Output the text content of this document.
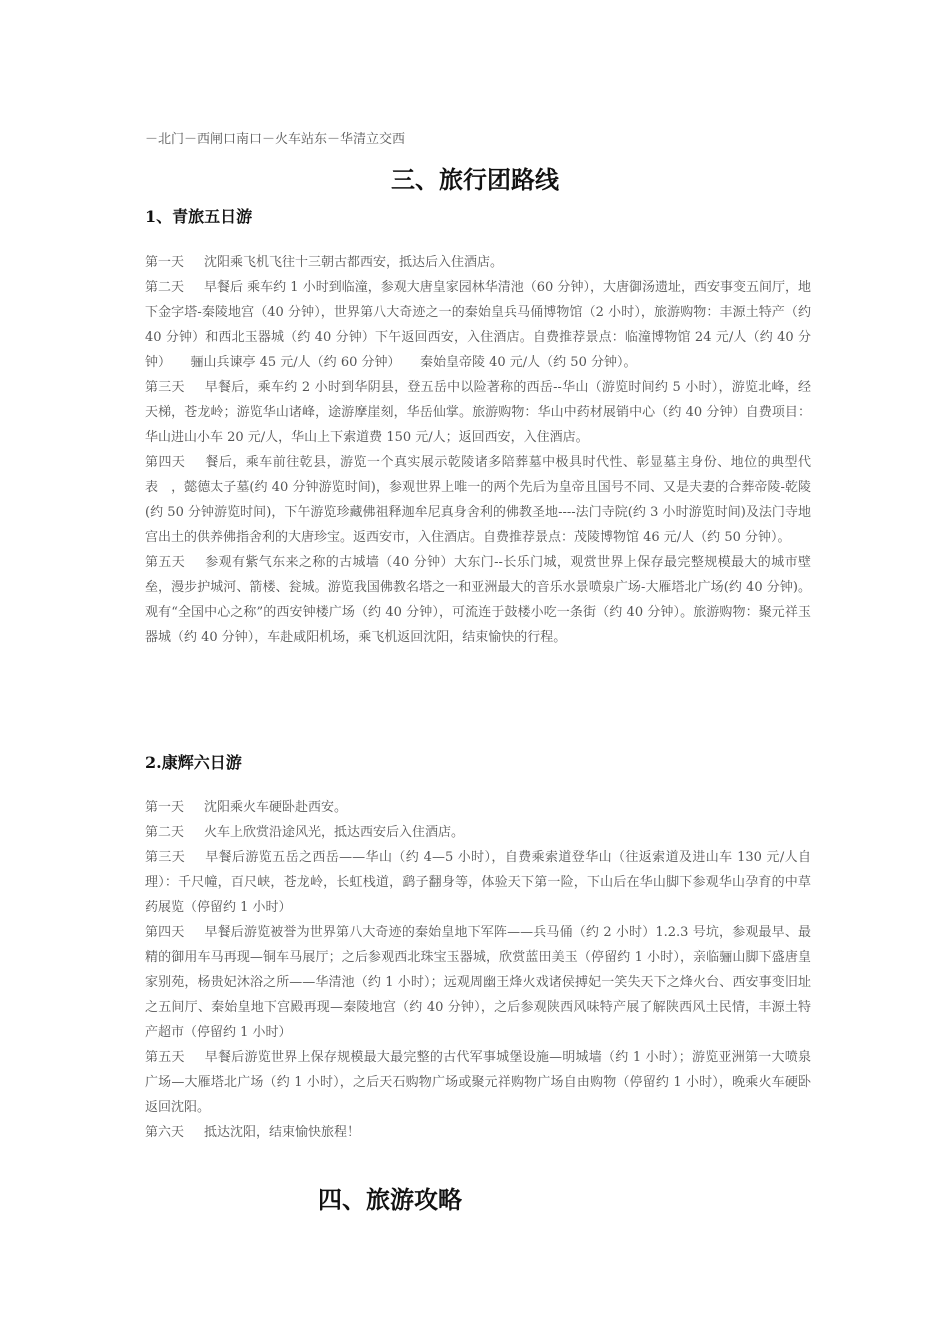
－北门－西闸口南口－火车站东－华清立交西
三、旅行团路线
1、青旅五日游

第一天 沈阳乘飞机飞往十三朝古都西安，抵达后入住酒店。

第二天 早餐后 乘车约 1 小时到临潼，参观大唐皇家园林华清池（60 分钟），大唐御汤遗址，西安事变五间厅，地下金字塔-秦陵地宫（40 分钟），世界第八大奇迹之一的秦始皇兵马俑博物馆（2 小时），旅游购物：丰源土特产（约 40 分钟）和西北玉器城（约 40 分钟）下午返回西安，入住酒店。自费推荐景点：临潼博物馆 24 元/人（约 40 分钟）　　骊山兵谏亭 45 元/人（约 60 分钟）　　秦始皇帝陵 40 元/人（约 50 分钟）。

第三天 早餐后，乘车约 2 小时到华阴县，登五岳中以险著称的西岳--华山（游览时间约 5 小时），游览北峰，经天梯，苍龙岭；游览华山诸峰，途游摩崖刻，华岳仙掌。旅游购物：华山中药材展销中心（约 40 分钟）自费项目：华山进山小车 20 元/人，华山上下索道费 150 元/人；返回西安，入住酒店。

第四天 餐后，乘车前往乾县，游览一个真实展示乾陵诸多陪葬墓中极具时代性、彰显墓主身份、地位的典型代表　，懿德太子墓(约 40 分钟游览时间)，参观世界上唯一的两个先后为皇帝且国号不同、又是夫妻的合葬帝陵-乾陵(约 50 分钟游览时间)，下午游览珍藏佛祖释迦牟尼真身舍利的佛教圣地----法门寺院(约 3 小时游览时间)及法门寺地宫出土的供养佛指舍利的大唐珍宝。返西安市，入住酒店。自费推荐景点：茂陵博物馆 46 元/人（约 50 分钟）。

第五天 参观有紫气东来之称的古城墙（40 分钟）大东门--长乐门城，观赏世界上保存最完整规模最大的城市壁垒，漫步护城河、箭楼、瓮城。游览我国佛教名塔之一和亚洲最大的音乐水景喷泉广场-大雁塔北广场(约 40 分钟)。观有“全国中心之称”的西安钟楼广场（约 40 分钟），可流连于鼓楼小吃一条街（约 40 分钟）。旅游购物：聚元祥玉器城（约 40 分钟），车赴咸阳机场，乘飞机返回沈阳，结束愉快的行程。

2.康辉六日游

第一天 沈阳乘火车硬卧赴西安。

第二天 火车上欣赏沿途风光，抵达西安后入住酒店。

第三天 早餐后游览五岳之西岳——华山（约 4—5 小时），自费乘索道登华山（往返索道及进山车 130 元/人自理）：千尺幢，百尺峡，苍龙岭，长虹栈道，鹞子翻身等，体验天下第一险，下山后在华山脚下参观华山孕育的中草药展览（停留约 1 小时）

第四天 早餐后游览被誉为世界第八大奇迹的秦始皇地下军阵——兵马俑（约 2 小时）1.2.3 号坑，参观最早、最精的御用车马再现—铜车马展厅；之后参观西北珠宝玉器城，欣赏蓝田美玉（停留约 1 小时），亲临骊山脚下盛唐皇家别苑，杨贵妃沐浴之所——华清池（约 1 小时）；远观周幽王烽火戏诸侯搏妃一笑失天下之烽火台、西安事变旧址之五间厅、秦始皇地下宫殿再现—秦陵地宫（约 40 分钟），之后参观陕西风味特产展了解陕西风土民情，丰源土特产超市（停留约 1 小时）

第五天 早餐后游览世界上保存规模最大最完整的古代军事城堡设施—明城墙（约 1 小时）；游览亚洲第一大喷泉广场—大雁塔北广场（约 1 小时），之后天石购物广场或聚元祥购物广场自由购物（停留约 1 小时），晚乘火车硬卧返回沈阳。

第六天 抵达沈阳，结束愉快旅程！

四、旅游攻略
